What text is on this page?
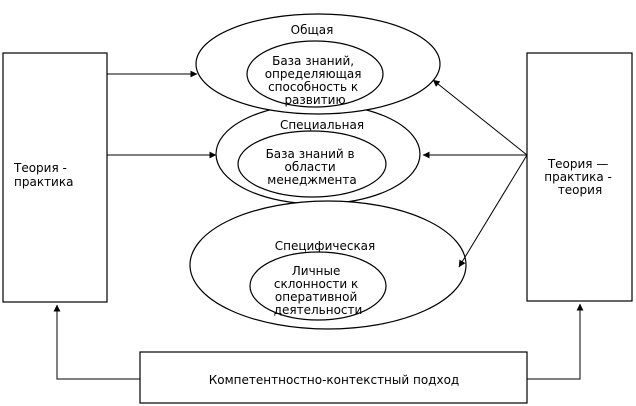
Общая
Специальная
Специфическая
База знаний, определяющая способность к развитию
База знаний в области менеджмента
Личные склонности к оперативной деятельности
Теория - практика
Теория — практика - теория
Компетентностно-контекстный подход
